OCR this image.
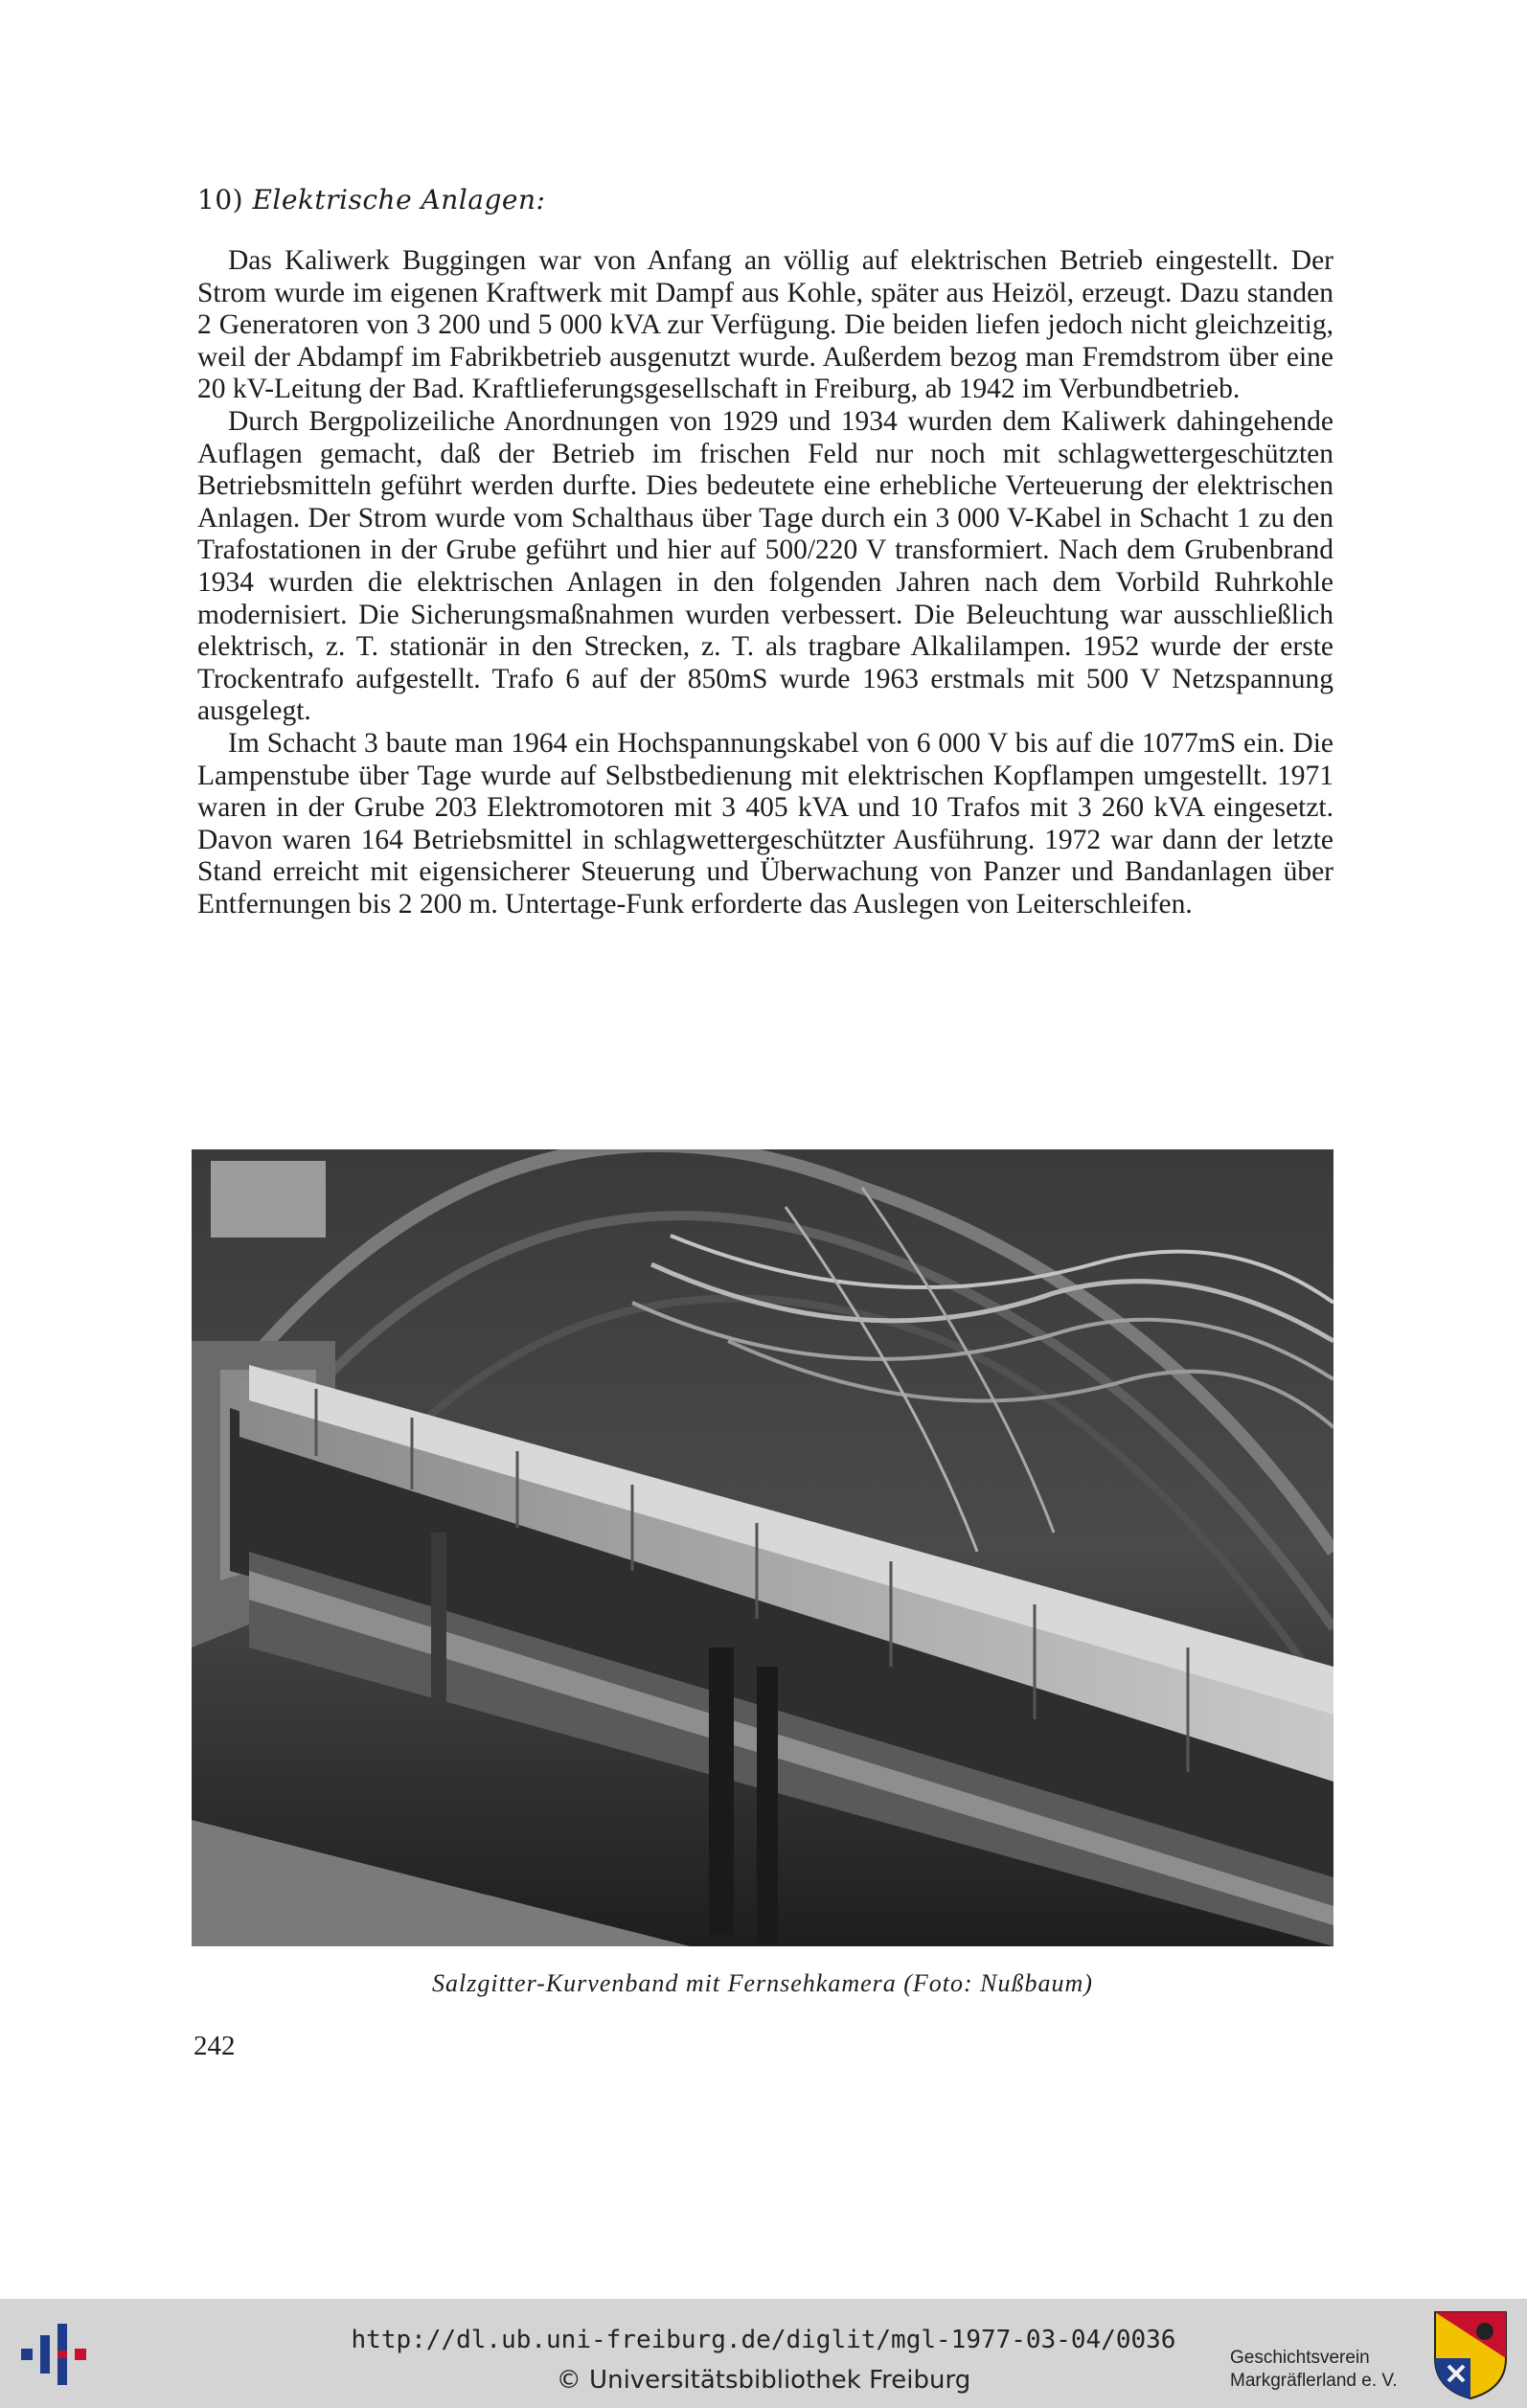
10) Elektrische Anlagen:

Das Kaliwerk Buggingen war von Anfang an völlig auf elektrischen Betrieb eingestellt. Der Strom wurde im eigenen Kraftwerk mit Dampf aus Kohle, später aus Heizöl, erzeugt. Dazu standen 2 Generatoren von 3 200 und 5 000 kVA zur Verfügung. Die beiden liefen jedoch nicht gleichzeitig, weil der Abdampf im Fabrikbetrieb ausgenutzt wurde. Außerdem bezog man Fremdstrom über eine 20 kV-Leitung der Bad. Kraftlieferungsgesellschaft in Freiburg, ab 1942 im Verbundbetrieb.

Durch Bergpolizeiliche Anordnungen von 1929 und 1934 wurden dem Kaliwerk dahingehende Auflagen gemacht, daß der Betrieb im frischen Feld nur noch mit schlagwettergeschützten Betriebsmitteln geführt werden durfte. Dies bedeutete eine erhebliche Verteuerung der elektrischen Anlagen. Der Strom wurde vom Schalthaus über Tage durch ein 3 000 V-Kabel in Schacht 1 zu den Trafostationen in der Grube geführt und hier auf 500/220 V transformiert. Nach dem Grubenbrand 1934 wurden die elektrischen Anlagen in den folgenden Jahren nach dem Vorbild Ruhrkohle modernisiert. Die Sicherungsmaßnahmen wurden verbessert. Die Beleuchtung war ausschließlich elektrisch, z. T. stationär in den Strecken, z. T. als tragbare Alkalilampen. 1952 wurde der erste Trockentrafo aufgestellt. Trafo 6 auf der 850mS wurde 1963 erstmals mit 500 V Netzspannung ausgelegt.

Im Schacht 3 baute man 1964 ein Hochspannungskabel von 6 000 V bis auf die 1077mS ein. Die Lampenstube über Tage wurde auf Selbstbedienung mit elektrischen Kopflampen umgestellt. 1971 waren in der Grube 203 Elektromotoren mit 3 405 kVA und 10 Trafos mit 3 260 kVA eingesetzt. Davon waren 164 Betriebsmittel in schlagwettergeschützter Ausführung. 1972 war dann der letzte Stand erreicht mit eigensicherer Steuerung und Überwachung von Panzer und Bandanlagen über Entfernungen bis 2 200 m. Untertage-Funk erforderte das Auslegen von Leiterschleifen.

Salzgitter-Kurvenband mit Fernsehkamera (Foto: Nußbaum)
242
http://dl.ub.uni-freiburg.de/diglit/mgl-1977-03-04/0036
© Universitätsbibliothek Freiburg
Geschichtsverein
Markgräflerland e. V.
